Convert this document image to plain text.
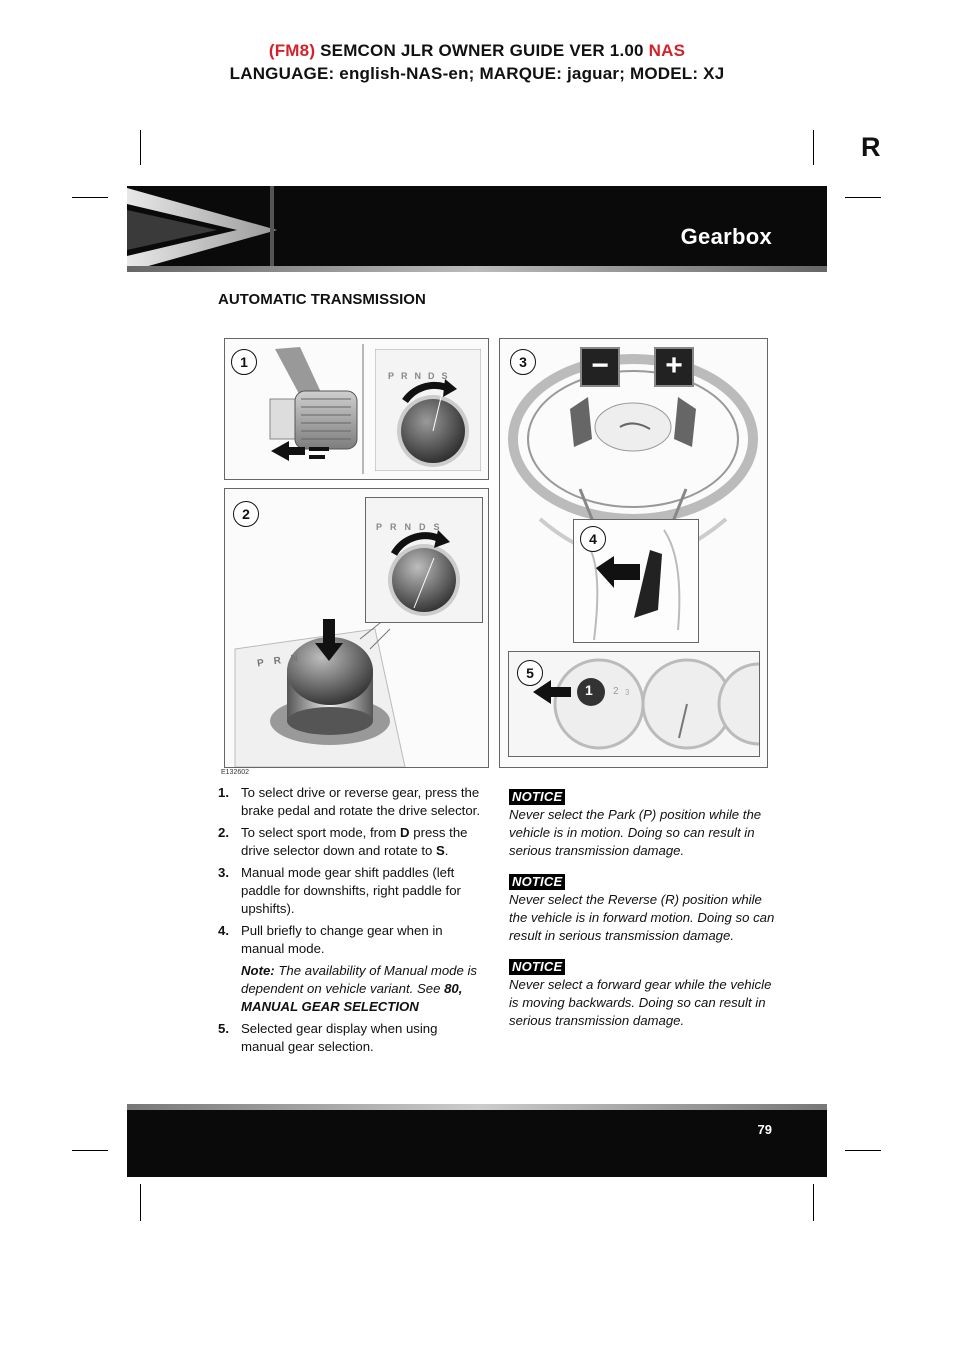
(FM8) SEMCON JLR OWNER GUIDE VER 1.00 NAS
LANGUAGE: english-NAS-en; MARQUE: jaguar; MODEL: XJ
R
Gearbox
AUTOMATIC TRANSMISSION
1
PRNDS
PRN
2
PRNDS
−	+
3
4
1 2 3
5
E132602
1. To select drive or reverse gear, press the brake pedal and rotate the drive selector.
2. To select sport mode, from D press the drive selector down and rotate to S.
3. Manual mode gear shift paddles (left paddle for downshifts, right paddle for upshifts).
4. Pull briefly to change gear when in manual mode.
Note: The availability of Manual mode is dependent on vehicle variant. See 80, MANUAL GEAR SELECTION
5. Selected gear display when using manual gear selection.
NOTICE
Never select the Park (P) position while the vehicle is in motion. Doing so can result in serious transmission damage.
NOTICE
Never select the Reverse (R) position while the vehicle is in forward motion. Doing so can result in serious transmission damage.
NOTICE
Never select a forward gear while the vehicle is moving backwards. Doing so can result in serious transmission damage.
79
